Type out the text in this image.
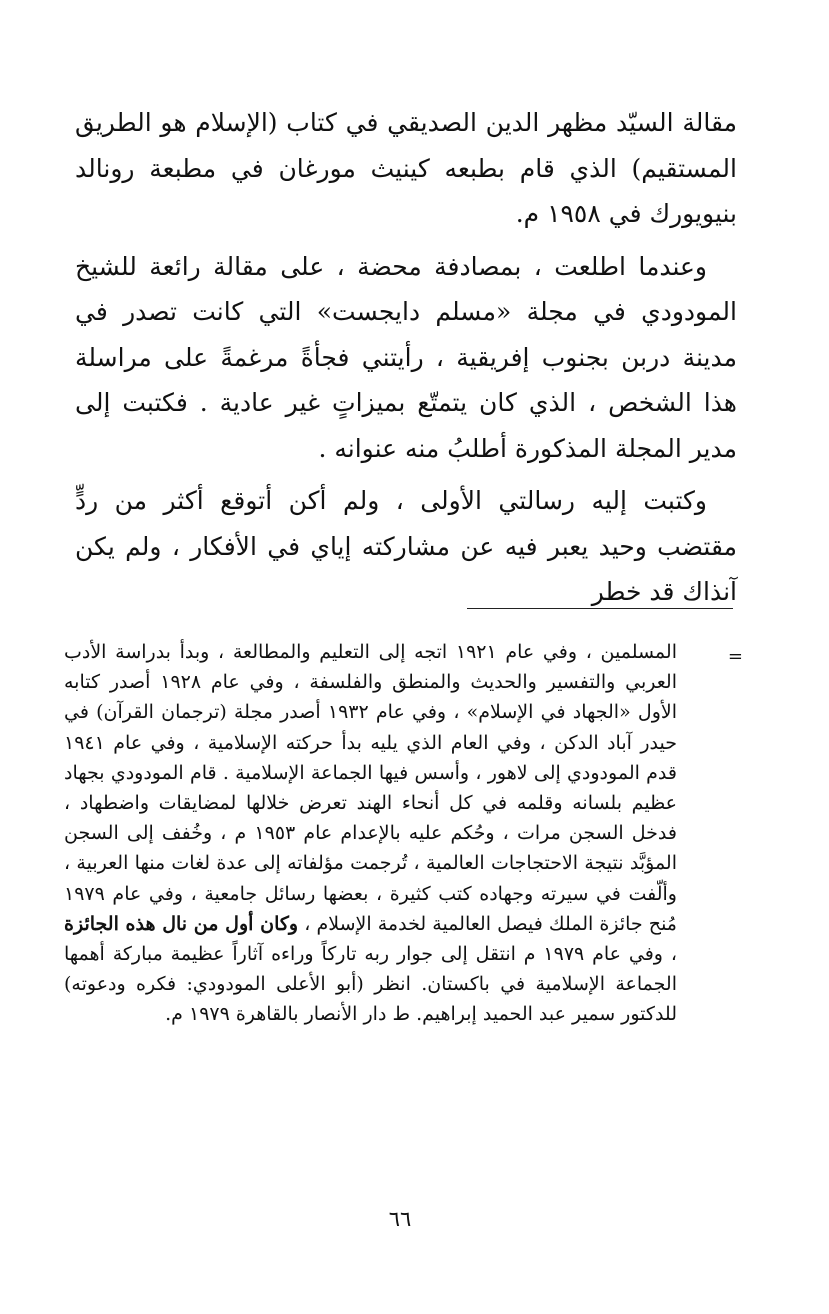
مقالة السيّد مظهر الدين الصديقي في كتاب (الإسلام هو الطريق المستقيم) الذي قام بطبعه كينيث مورغان في مطبعة رونالد بنيويورك في ١٩٥٨ م.

وعندما اطلعت ، بمصادفة محضة ، على مقالة رائعة للشيخ المودودي في مجلة «مسلم دايجست» التي كانت تصدر في مدينة دربن بجنوب إفريقية ، رأيتني فجأةً مرغمةً على مراسلة هذا الشخص ، الذي كان يتمتّع بميزاتٍ غير عادية . فكتبت إلى مدير المجلة المذكورة أطلبُ منه عنوانه .

وكتبت إليه رسالتي الأولى ، ولم أكن أتوقع أكثر من ردٍّ مقتضب وحيد يعبر فيه عن مشاركته إياي في الأفكار ، ولم يكن آنذاك قد خطر

=
المسلمين ، وفي عام ١٩٢١ اتجه إلى التعليم والمطالعة ، وبدأ بدراسة الأدب العربي والتفسير والحديث والمنطق والفلسفة ، وفي عام ١٩٢٨ أصدر كتابه الأول «الجهاد في الإسلام» ، وفي عام ١٩٣٢ أصدر مجلة (ترجمان القرآن) في حيدر آباد الدكن ، وفي العام الذي يليه بدأ حركته الإسلامية ، وفي عام ١٩٤١ قدم المودودي إلى لاهور ، وأسس فيها الجماعة الإسلامية . قام المودودي بجهاد عظيم بلسانه وقلمه في كل أنحاء الهند تعرض خلالها لمضايقات واضطهاد ، فدخل السجن مرات ، وحُكم عليه بالإعدام عام ١٩٥٣ م ، وخُفف إلى السجن المؤبَّد نتيجة الاحتجاجات العالمية ، تُرجمت مؤلفاته إلى عدة لغات منها العربية ، وألّفت في سيرته وجهاده كتب كثيرة ، بعضها رسائل جامعية ، وفي عام ١٩٧٩ مُنح جائزة الملك فيصل العالمية لخدمة الإسلام ، وكان أول من نال هذه الجائزة ، وفي عام ١٩٧٩ م انتقل إلى جوار ربه تاركاً وراءه آثاراً عظيمة مباركة أهمها الجماعة الإسلامية في باكستان. انظر (أبو الأعلى المودودي: فكره ودعوته) للدكتور سمير عبد الحميد إبراهيم. ط دار الأنصار بالقاهرة ١٩٧٩ م.
٦٦
